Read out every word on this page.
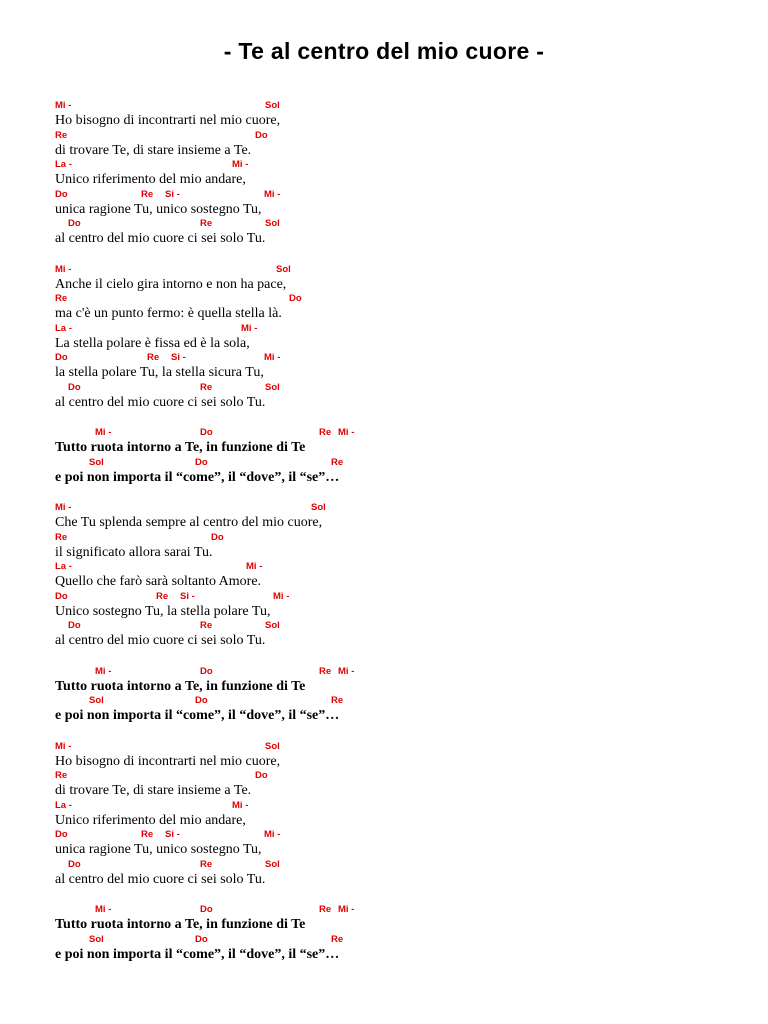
- Te al centro del mio cuore -
Mi -	Sol
Ho bisogno di incontrarti nel mio cuore,
Re	Do
di trovare Te, di stare insieme a Te.
La -	Mi -
Unico riferimento del mio andare,
Do	Re Si -	Mi -
unica ragione Tu, unico sostegno Tu,
Do	Re	Sol
al centro del mio cuore ci sei solo Tu.
Mi -	Sol
Anche il cielo gira intorno e non ha pace,
Re	Do
ma c'è un punto fermo: è quella stella là.
La -	Mi -
La stella polare è fissa ed è la sola,
Do	Re Si -	Mi -
la stella polare Tu, la stella sicura Tu,
Do	Re	Sol
al centro del mio cuore ci sei solo Tu.
Mi -	Do	Re Mi -
Tutto ruota intorno a Te, in funzione di Te
Sol	Do	Re
e poi non importa il “come”, il “dove”, il “se”…
Mi -	Sol
Che Tu splenda sempre al centro del mio cuore,
Re	Do
il significato allora sarai Tu.
La -	Mi -
Quello che farò sarà soltanto Amore.
Do	Re Si -	Mi -
Unico sostegno Tu, la stella polare Tu,
Do	Re	Sol
al centro del mio cuore ci sei solo Tu.
Mi -	Do	Re Mi -
Tutto ruota intorno a Te, in funzione di Te
Sol	Do	Re
e poi non importa il “come”, il “dove”, il “se”…
Mi -	Sol
Ho bisogno di incontrarti nel mio cuore,
Re	Do
di trovare Te, di stare insieme a Te.
La -	Mi -
Unico riferimento del mio andare,
Do	Re Si -	Mi -
unica ragione Tu, unico sostegno Tu,
Do	Re	Sol
al centro del mio cuore ci sei solo Tu.
Mi -	Do	Re Mi -
Tutto ruota intorno a Te, in funzione di Te
Sol	Do	Re
e poi non importa il “come”, il “dove”, il “se”…
